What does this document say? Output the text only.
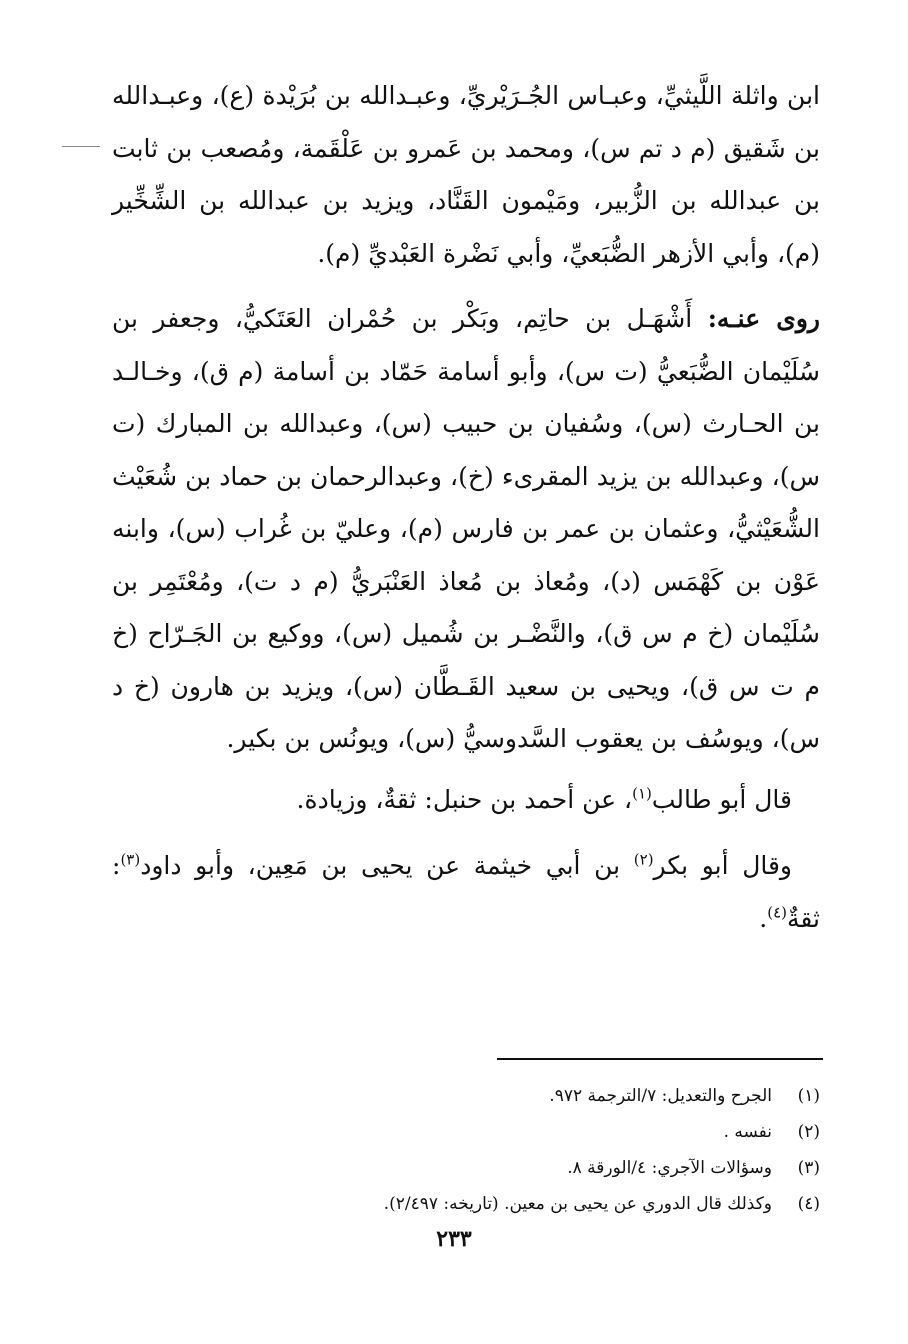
ابن واثلة اللَّيثيِّ، وعبـاس الجُـرَيْريِّ، وعبـدالله بن بُرَيْدة (ع)، وعبـدالله بن شَقيق (م د تم س)، ومحمد بن عَمرو بن عَلْقَمة، ومُصعب بن ثابت بن عبدالله بن الزُّبير، ومَيْمون القَنَّاد، ويزيد بن عبدالله بن الشِّخِّير (م)، وأبي الأزهر الضُّبَعيِّ، وأبي نَضْرة العَبْديِّ (م).

روى عنـه: أَشْهَـل بن حاتِم، وبَكْر بن حُمْران العَتَكيُّ، وجعفر بن سُلَيْمان الضُّبَعيُّ (ت س)، وأبو أسامة حَمّاد بن أسامة (م ق)، وخـالـد بن الحـارث (س)، وسُفيان بن حبيب (س)، وعبدالله بن المبارك (ت س)، وعبدالله بن يزيد المقرىء (خ)، وعبدالرحمان بن حماد بن شُعَيْث الشُّعَيْثيُّ، وعثمان بن عمر بن فارس (م)، وعليّ بن غُراب (س)، وابنه عَوْن بن كَهْمَس (د)، ومُعاذ بن مُعاذ العَنْبَريُّ (م د ت)، ومُعْتَمِر بن سُلَيْمان (خ م س ق)، والنَّضْـر بن شُميل (س)، ووكيع بن الجَـرّاح (خ م ت س ق)، ويحيى بن سعيد القَـطَّان (س)، ويزيد بن هارون (خ د س)، ويوسُف بن يعقوب السَّدوسيُّ (س)، ويونُس بن بكير.

قال أبو طالب$^{(١)}$، عن أحمد بن حنبل: ثقةٌ، وزيادة.

وقال أبو بكر$^{(٢)}$ بن أبي خيثمة عن يحيى بن مَعِين، وأبو داود$^{(٣)}$: ثقةٌ$^{(٤)}$.

(١)
الجرح والتعديل: ٧/الترجمة ٩٧٢.
(٢)
نفسه .
(٣)
وسؤالات الآجري: ٤/الورقة ٨.
(٤)
وكذلك قال الدوري عن يحيى بن معين. (تاريخه: ٢/٤٩٧).
٢٣٣
